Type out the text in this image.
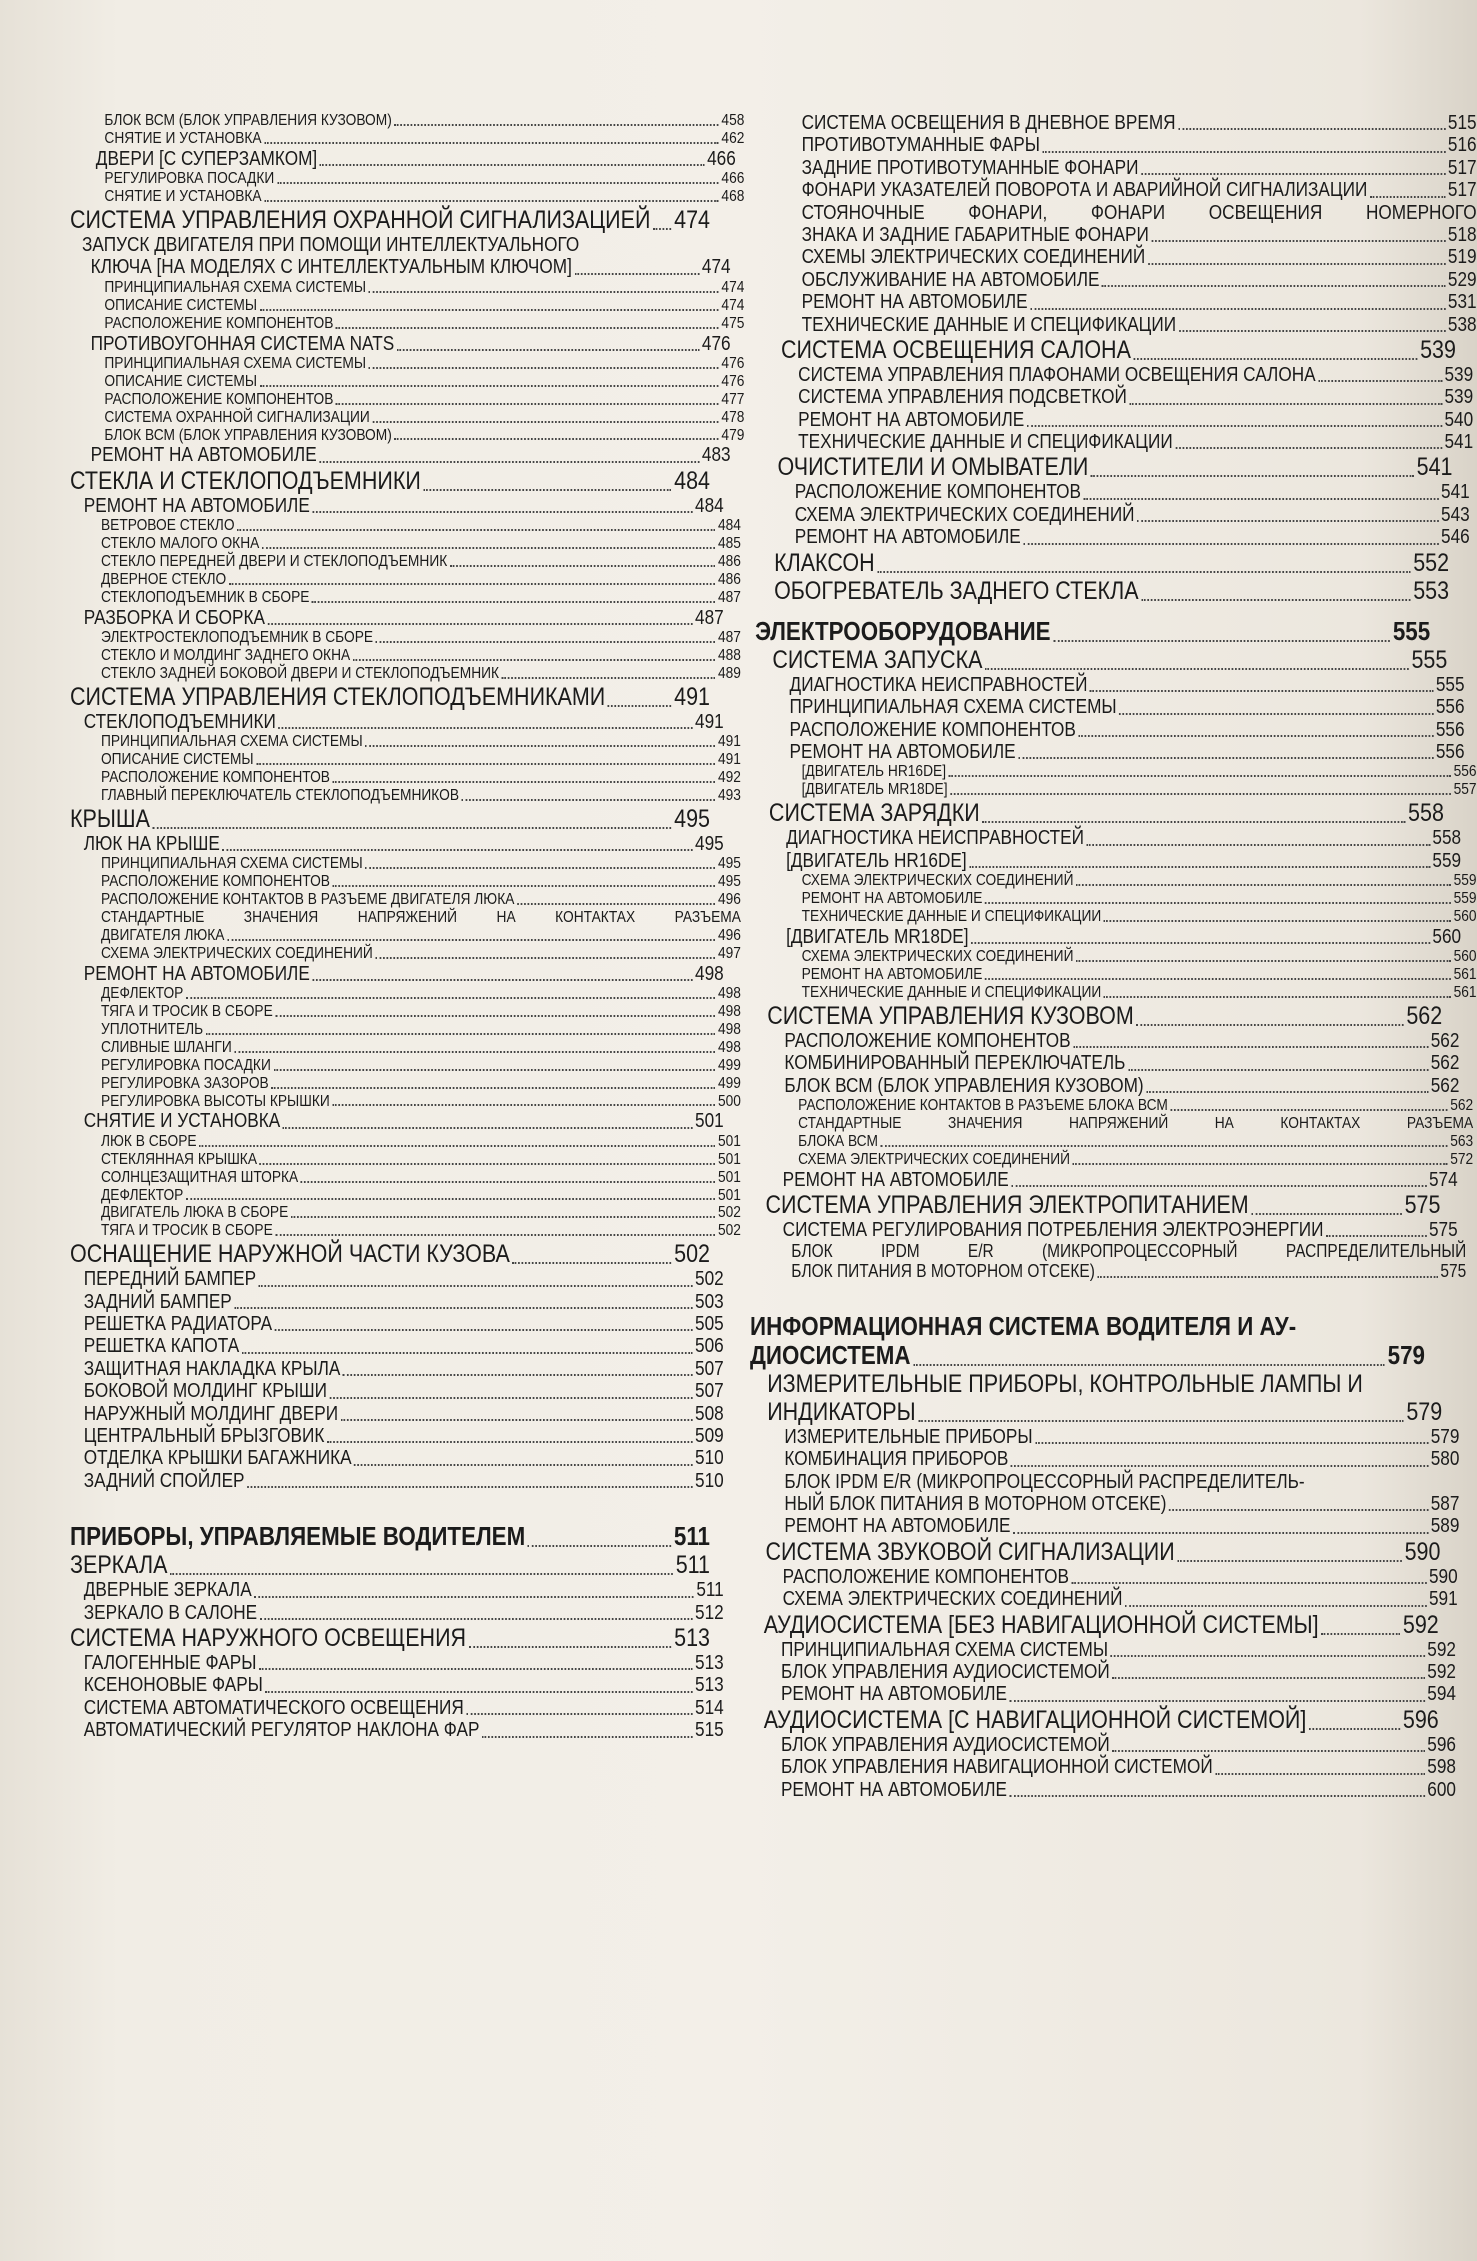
БЛОК ВСМ (БЛОК УПРАВЛЕНИЯ КУЗОВОМ)	458
СНЯТИЕ И УСТАНОВКА	462
ДВЕРИ [С СУПЕРЗАМКОМ]	466
РЕГУЛИРОВКА ПОСАДКИ	466
СНЯТИЕ И УСТАНОВКА	468
СИСТЕМА УПРАВЛЕНИЯ ОХРАННОЙ СИГНАЛИЗАЦИЕЙ 474
ЗАПУСК ДВИГАТЕЛЯ ПРИ ПОМОЩИ ИНТЕЛЛЕКТУАЛЬНОГО
КЛЮЧА [НА МОДЕЛЯХ С ИНТЕЛЛЕКТУАЛЬНЫМ КЛЮЧОМ]	474
ПРИНЦИПИАЛЬНАЯ СХЕМА СИСТЕМЫ	474
ОПИСАНИЕ СИСТЕМЫ	474
РАСПОЛОЖЕНИЕ КОМПОНЕНТОВ	475
ПРОТИВОУГОННАЯ СИСТЕМА NATS	476
ПРИНЦИПИАЛЬНАЯ СХЕМА СИСТЕМЫ	476
ОПИСАНИЕ СИСТЕМЫ	476
РАСПОЛОЖЕНИЕ КОМПОНЕНТОВ	477
СИСТЕМА ОХРАННОЙ СИГНАЛИЗАЦИИ	478
БЛОК ВСМ (БЛОК УПРАВЛЕНИЯ КУЗОВОМ)	479
РЕМОНТ НА АВТОМОБИЛЕ	483
СТЕКЛА И СТЕКЛОПОДЪЕМНИКИ	484
РЕМОНТ НА АВТОМОБИЛЕ	484
ВЕТРОВОЕ СТЕКЛО	484
СТЕКЛО МАЛОГО ОКНА	485
СТЕКЛО ПЕРЕДНЕЙ ДВЕРИ И СТЕКЛОПОДЪЕМНИК	486
ДВЕРНОЕ СТЕКЛО	486
СТЕКЛОПОДЪЕМНИК В СБОРЕ	487
РАЗБОРКА И СБОРКА	487
ЭЛЕКТРОСТЕКЛОПОДЪЕМНИК В СБОРЕ	487
СТЕКЛО И МОЛДИНГ ЗАДНЕГО ОКНА	488
СТЕКЛО ЗАДНЕЙ БОКОВОЙ ДВЕРИ И СТЕКЛОПОДЪЕМНИК	489
СИСТЕМА УПРАВЛЕНИЯ СТЕКЛОПОДЪЕМНИКАМИ	491
СТЕКЛОПОДЪЕМНИКИ	491
ПРИНЦИПИАЛЬНАЯ СХЕМА СИСТЕМЫ	491
ОПИСАНИЕ СИСТЕМЫ	491
РАСПОЛОЖЕНИЕ КОМПОНЕНТОВ	492
ГЛАВНЫЙ ПЕРЕКЛЮЧАТЕЛЬ СТЕКЛОПОДЪЕМНИКОВ	493
КРЫША	495
ЛЮК НА КРЫШЕ	495
ПРИНЦИПИАЛЬНАЯ СХЕМА СИСТЕМЫ	495
РАСПОЛОЖЕНИЕ КОМПОНЕНТОВ	495
РАСПОЛОЖЕНИЕ КОНТАКТОВ В РАЗЪЕМЕ ДВИГАТЕЛЯ ЛЮКА	496
СТАНДАРТНЫЕ ЗНАЧЕНИЯ НАПРЯЖЕНИЙ НА КОНТАКТАХ РАЗЪЕМА
ДВИГАТЕЛЯ ЛЮКА	496
СХЕМА ЭЛЕКТРИЧЕСКИХ СОЕДИНЕНИЙ	497
РЕМОНТ НА АВТОМОБИЛЕ	498
ДЕФЛЕКТОР	498
ТЯГА И ТРОСИК В СБОРЕ	498
УПЛОТНИТЕЛЬ	498
СЛИВНЫЕ ШЛАНГИ	498
РЕГУЛИРОВКА ПОСАДКИ	499
РЕГУЛИРОВКА ЗАЗОРОВ	499
РЕГУЛИРОВКА ВЫСОТЫ КРЫШКИ	500
СНЯТИЕ И УСТАНОВКА	501
ЛЮК В СБОРЕ	501
СТЕКЛЯННАЯ КРЫШКА	501
СОЛНЦЕЗАЩИТНАЯ ШТОРКА	501
ДЕФЛЕКТОР	501
ДВИГАТЕЛЬ ЛЮКА В СБОРЕ	502
ТЯГА И ТРОСИК В СБОРЕ	502
ОСНАЩЕНИЕ НАРУЖНОЙ ЧАСТИ КУЗОВА	502
ПЕРЕДНИЙ БАМПЕР	502
ЗАДНИЙ БАМПЕР	503
РЕШЕТКА РАДИАТОРА	505
РЕШЕТКА КАПОТА	506
ЗАЩИТНАЯ НАКЛАДКА КРЫЛА	507
БОКОВОЙ МОЛДИНГ КРЫШИ	507
НАРУЖНЫЙ МОЛДИНГ ДВЕРИ	508
ЦЕНТРАЛЬНЫЙ БРЫЗГОВИК	509
ОТДЕЛКА КРЫШКИ БАГАЖНИКА	510
ЗАДНИЙ СПОЙЛЕР	510
ПРИБОРЫ, УПРАВЛЯЕМЫЕ ВОДИТЕЛЕМ	511
ЗЕРКАЛА	511
ДВЕРНЫЕ ЗЕРКАЛА	511
ЗЕРКАЛО В САЛОНЕ	512
СИСТЕМА НАРУЖНОГО ОСВЕЩЕНИЯ	513
ГАЛОГЕННЫЕ ФАРЫ	513
КСЕНОНОВЫЕ ФАРЫ	513
СИСТЕМА АВТОМАТИЧЕСКОГО ОСВЕЩЕНИЯ	514
АВТОМАТИЧЕСКИЙ РЕГУЛЯТОР НАКЛОНА ФАР	515
СИСТЕМА ОСВЕЩЕНИЯ В ДНЕВНОЕ ВРЕМЯ	515
ПРОТИВОТУМАННЫЕ ФАРЫ	516
ЗАДНИЕ ПРОТИВОТУМАННЫЕ ФОНАРИ	517
ФОНАРИ УКАЗАТЕЛЕЙ ПОВОРОТА И АВАРИЙНОЙ СИГНАЛИЗАЦИИ	517
СТОЯНОЧНЫЕ ФОНАРИ, ФОНАРИ ОСВЕЩЕНИЯ НОМЕРНОГО
ЗНАКА И ЗАДНИЕ ГАБАРИТНЫЕ ФОНАРИ	518
СХЕМЫ ЭЛЕКТРИЧЕСКИХ СОЕДИНЕНИЙ	519
ОБСЛУЖИВАНИЕ НА АВТОМОБИЛЕ	529
РЕМОНТ НА АВТОМОБИЛЕ	531
ТЕХНИЧЕСКИЕ ДАННЫЕ И СПЕЦИФИКАЦИИ	538
СИСТЕМА ОСВЕЩЕНИЯ САЛОНА	539
СИСТЕМА УПРАВЛЕНИЯ ПЛАФОНАМИ ОСВЕЩЕНИЯ САЛОНА	539
СИСТЕМА УПРАВЛЕНИЯ ПОДСВЕТКОЙ	539
РЕМОНТ НА АВТОМОБИЛЕ	540
ТЕХНИЧЕСКИЕ ДАННЫЕ И СПЕЦИФИКАЦИИ	541
ОЧИСТИТЕЛИ И ОМЫВАТЕЛИ	541
РАСПОЛОЖЕНИЕ КОМПОНЕНТОВ	541
СХЕМА ЭЛЕКТРИЧЕСКИХ СОЕДИНЕНИЙ	543
РЕМОНТ НА АВТОМОБИЛЕ	546
КЛАКСОН	552
ОБОГРЕВАТЕЛЬ ЗАДНЕГО СТЕКЛА	553
ЭЛЕКТРООБОРУДОВАНИЕ	555
СИСТЕМА ЗАПУСКА	555
ДИАГНОСТИКА НЕИСПРАВНОСТЕЙ	555
ПРИНЦИПИАЛЬНАЯ СХЕМА СИСТЕМЫ	556
РАСПОЛОЖЕНИЕ КОМПОНЕНТОВ	556
РЕМОНТ НА АВТОМОБИЛЕ	556
[ДВИГАТЕЛЬ HR16DE]	556
[ДВИГАТЕЛЬ MR18DE]	557
СИСТЕМА ЗАРЯДКИ	558
ДИАГНОСТИКА НЕИСПРАВНОСТЕЙ	558
[ДВИГАТЕЛЬ HR16DE]	559
СХЕМА ЭЛЕКТРИЧЕСКИХ СОЕДИНЕНИЙ	559
РЕМОНТ НА АВТОМОБИЛЕ	559
ТЕХНИЧЕСКИЕ ДАННЫЕ И СПЕЦИФИКАЦИИ	560
[ДВИГАТЕЛЬ MR18DE]	560
СХЕМА ЭЛЕКТРИЧЕСКИХ СОЕДИНЕНИЙ	560
РЕМОНТ НА АВТОМОБИЛЕ	561
ТЕХНИЧЕСКИЕ ДАННЫЕ И СПЕЦИФИКАЦИИ	561
СИСТЕМА УПРАВЛЕНИЯ КУЗОВОМ	562
РАСПОЛОЖЕНИЕ КОМПОНЕНТОВ	562
КОМБИНИРОВАННЫЙ ПЕРЕКЛЮЧАТЕЛЬ	562
БЛОК ВСМ (БЛОК УПРАВЛЕНИЯ КУЗОВОМ)	562
РАСПОЛОЖЕНИЕ КОНТАКТОВ В РАЗЪЕМЕ БЛОКА ВСМ	562
СТАНДАРТНЫЕ ЗНАЧЕНИЯ НАПРЯЖЕНИЙ НА КОНТАКТАХ РАЗЪЕМА
БЛОКА ВСМ	563
СХЕМА ЭЛЕКТРИЧЕСКИХ СОЕДИНЕНИЙ	572
РЕМОНТ НА АВТОМОБИЛЕ	574
СИСТЕМА УПРАВЛЕНИЯ ЭЛЕКТРОПИТАНИЕМ	575
СИСТЕМА РЕГУЛИРОВАНИЯ ПОТРЕБЛЕНИЯ ЭЛЕКТРОЭНЕРГИИ	575
БЛОК IPDM E/R (МИКРОПРОЦЕССОРНЫЙ РАСПРЕДЕЛИТЕЛЬНЫЙ
БЛОК ПИТАНИЯ В МОТОРНОМ ОТСЕКЕ)	575
ИНФОРМАЦИОННАЯ СИСТЕМА ВОДИТЕЛЯ И АУ-
ДИОСИСТЕМА	579
ИЗМЕРИТЕЛЬНЫЕ ПРИБОРЫ, КОНТРОЛЬНЫЕ ЛАМПЫ И
ИНДИКАТОРЫ	579
ИЗМЕРИТЕЛЬНЫЕ ПРИБОРЫ	579
КОМБИНАЦИЯ ПРИБОРОВ	580
БЛОК IPDM E/R (МИКРОПРОЦЕССОРНЫЙ РАСПРЕДЕЛИТЕЛЬ-
НЫЙ БЛОК ПИТАНИЯ В МОТОРНОМ ОТСЕКЕ)	587
РЕМОНТ НА АВТОМОБИЛЕ	589
СИСТЕМА ЗВУКОВОЙ СИГНАЛИЗАЦИИ	590
РАСПОЛОЖЕНИЕ КОМПОНЕНТОВ	590
СХЕМА ЭЛЕКТРИЧЕСКИХ СОЕДИНЕНИЙ	591
АУДИОСИСТЕМА [БЕЗ НАВИГАЦИОННОЙ СИСТЕМЫ]	592
ПРИНЦИПИАЛЬНАЯ СХЕМА СИСТЕМЫ	592
БЛОК УПРАВЛЕНИЯ АУДИОСИСТЕМОЙ	592
РЕМОНТ НА АВТОМОБИЛЕ	594
АУДИОСИСТЕМА [С НАВИГАЦИОННОЙ СИСТЕМОЙ]	596
БЛОК УПРАВЛЕНИЯ АУДИОСИСТЕМОЙ	596
БЛОК УПРАВЛЕНИЯ НАВИГАЦИОННОЙ СИСТЕМОЙ	598
РЕМОНТ НА АВТОМОБИЛЕ	600
